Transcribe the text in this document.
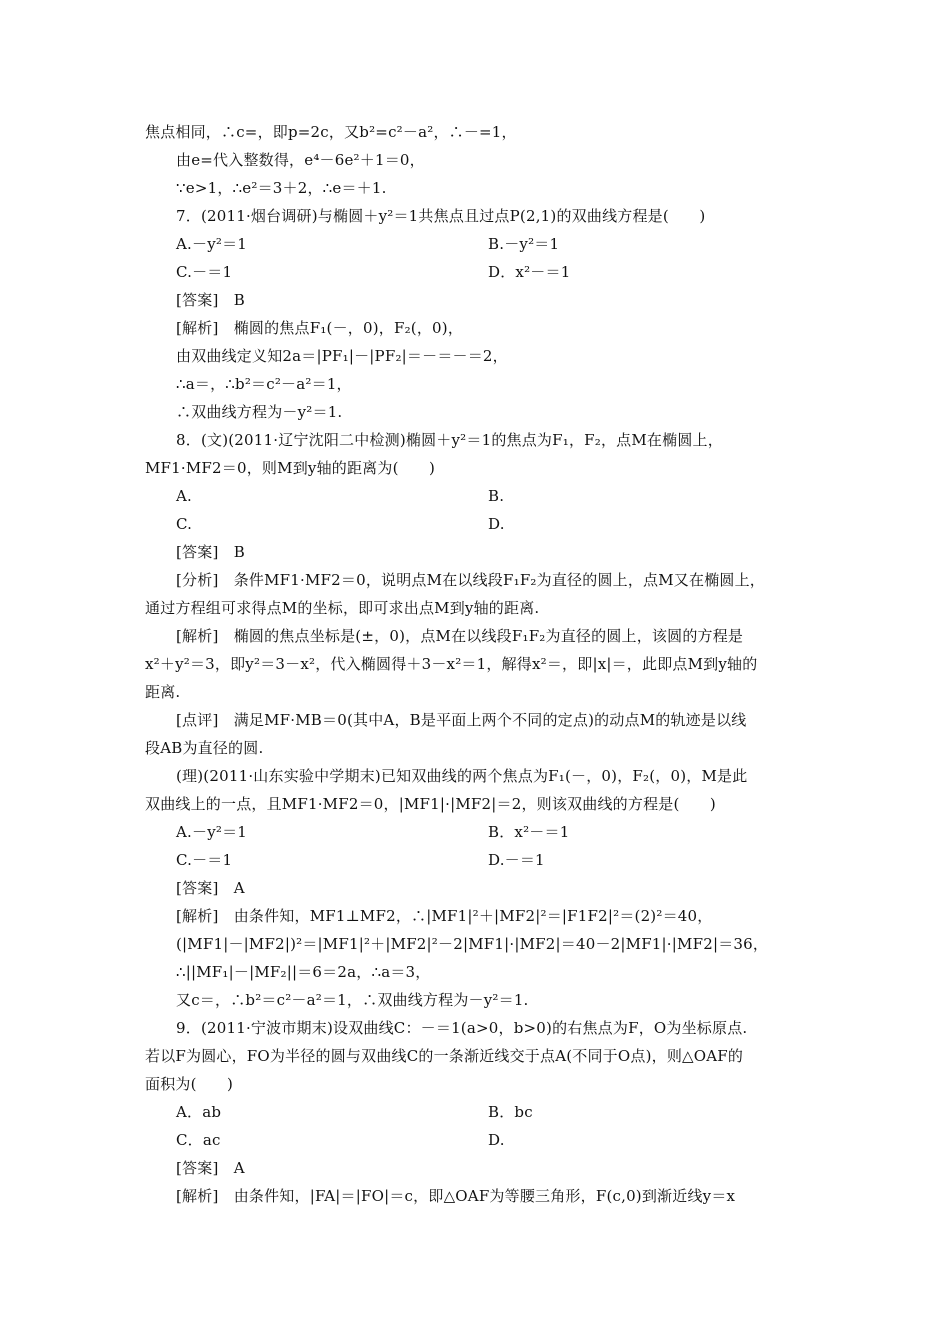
焦点相同，∴c=，即p=2c，又b²=c²－a²，∴－=1，
由e=代入整数得，e⁴－6e²＋1＝0，
∵e>1，∴e²＝3＋2，∴e＝＋1.
7．(2011·烟台调研)与椭圆＋y²＝1共焦点且过点P(2,1)的双曲线方程是(　　)
A.－y²＝1	B.－y²＝1
C.－＝1	D．x²－＝1
[答案]　B
[解析]　椭圆的焦点F₁(－，0)，F₂(，0)，
由双曲线定义知2a＝|PF₁|－|PF₂|＝－＝－＝2，
∴a＝，∴b²＝c²－a²＝1，
∴双曲线方程为－y²＝1.
8．(文)(2011·辽宁沈阳二中检测)椭圆＋y²＝1的焦点为F₁，F₂，点M在椭圆上，
MF1·MF2＝0，则M到y轴的距离为(　　)
A.	B.
C.	D.
[答案]　B
[分析]　条件MF1·MF2＝0，说明点M在以线段F₁F₂为直径的圆上，点M又在椭圆上，
通过方程组可求得点M的坐标，即可求出点M到y轴的距离.
[解析]　椭圆的焦点坐标是(±，0)，点M在以线段F₁F₂为直径的圆上，该圆的方程是
x²＋y²＝3，即y²＝3－x²，代入椭圆得＋3－x²＝1，解得x²＝，即|x|＝，此即点M到y轴的
距离.
[点评]　满足MF·MB＝0(其中A，B是平面上两个不同的定点)的动点M的轨迹是以线
段AB为直径的圆.
(理)(2011·山东实验中学期末)已知双曲线的两个焦点为F₁(－，0)，F₂(，0)，M是此
双曲线上的一点，且MF1·MF2＝0，|MF1|·|MF2|＝2，则该双曲线的方程是(　　)
A.－y²＝1	B．x²－＝1
C.－＝1	D.－＝1
[答案]　A
[解析]　由条件知，MF1⊥MF2，∴|MF1|²＋|MF2|²＝|F1F2|²＝(2)²＝40，
(|MF1|－|MF2|)²＝|MF1|²＋|MF2|²－2|MF1|·|MF2|＝40－2|MF1|·|MF2|＝36，
∴||MF₁|－|MF₂||＝6＝2a，∴a＝3，
又c＝，∴b²＝c²－a²＝1，∴双曲线方程为－y²＝1.
9．(2011·宁波市期末)设双曲线C：－＝1(a>0，b>0)的右焦点为F，O为坐标原点.
若以F为圆心，FO为半径的圆与双曲线C的一条渐近线交于点A(不同于O点)，则△OAF的
面积为(　　)
A．ab	B．bc
C．ac	D.
[答案]　A
[解析]　由条件知，|FA|＝|FO|＝c，即△OAF为等腰三角形，F(c,0)到渐近线y＝x
